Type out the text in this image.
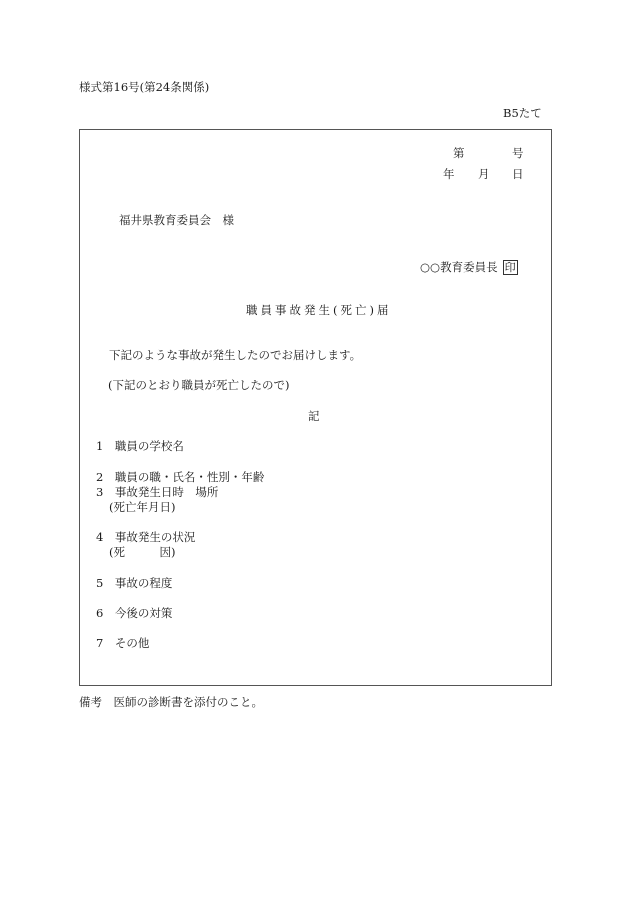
様式第16号(第24条関係)
B5たて
第	号
年 月 日
福井県教育委員会　様
○○教育委員長 印
職員事故発生(死亡)届
下記のような事故が発生したのでお届けします。
(下記のとおり職員が死亡したので)
記
1　 職員の学校名
2　 職員の職・氏名・性別・年齢
3　 事故発生日時　場所
(死亡年月日)
4　 事故発生の状況
(死　　　因)
5　 事故の程度
6　 今後の対策
7　 その他
備考　 医師の診断書を添付のこと。
